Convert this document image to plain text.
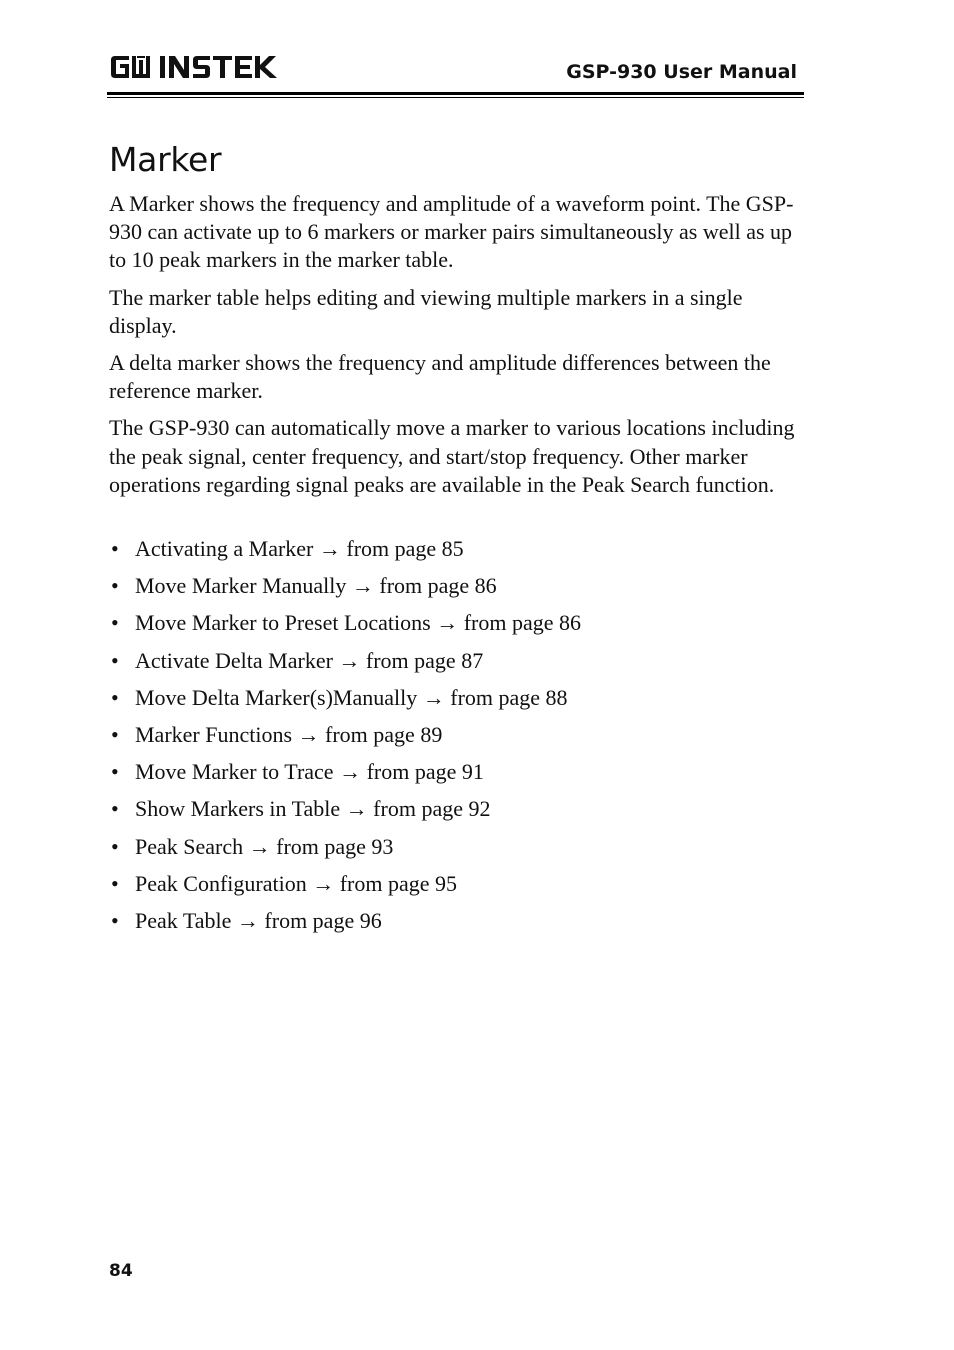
GSP-930 User Manual
Marker

A Marker shows the frequency and amplitude of a waveform point. The GSP-930 can activate up to 6 markers or marker pairs simultaneously as well as up to 10 peak markers in the marker table.

The marker table helps editing and viewing multiple markers in a single display.

A delta marker shows the frequency and amplitude differences between the reference marker.

The GSP-930 can automatically move a marker to various locations including the peak signal, center frequency, and start/stop frequency. Other marker operations regarding signal peaks are available in the Peak Search function.

• Activating a Marker → from page 85
• Move Marker Manually → from page 86
• Move Marker to Preset Locations → from page 86
• Activate Delta Marker → from page 87
• Move Delta Marker(s)Manually → from page 88
• Marker Functions → from page 89
• Move Marker to Trace → from page 91
• Show Markers in Table → from page 92
• Peak Search → from page 93
• Peak Configuration → from page 95
• Peak Table → from page 96
84
